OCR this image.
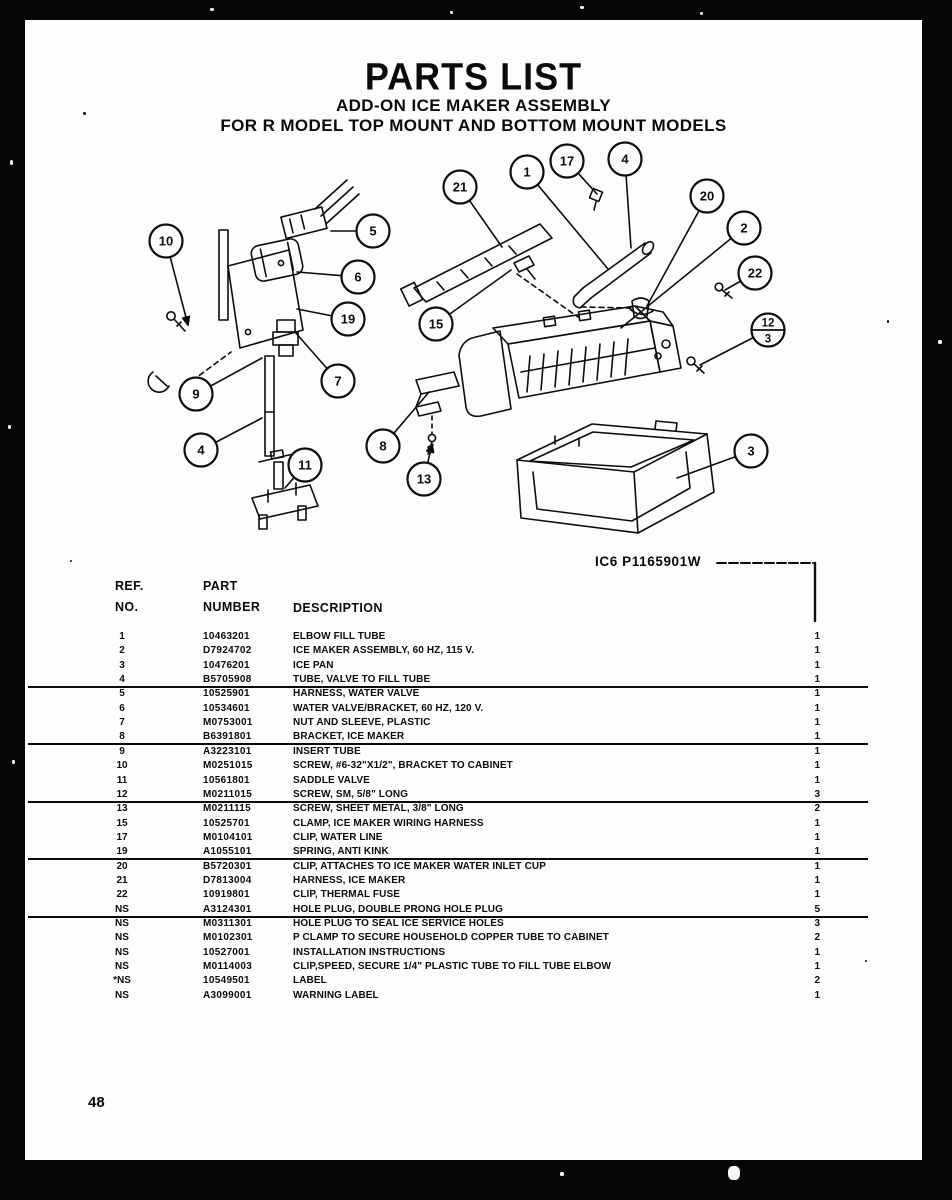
PARTS LIST
ADD-ON ICE MAKER ASSEMBLY
FOR R MODEL TOP MOUNT AND BOTTOM MOUNT MODELS
10
5
6
19
7
9
4
11
8
13
21
15
1
17	4
20
2
22
12
3
3
IC6 P1165901W
REF.
NO.
PART
NUMBER	DESCRIPTION
1	10463201	ELBOW FILL TUBE	1
2	D7924702	ICE MAKER ASSEMBLY, 60 HZ, 115 V.	1
3	10476201	ICE PAN	1
4	B5705908	TUBE, VALVE TO FILL TUBE	1
5	10525901	HARNESS, WATER VALVE	1
6	10534601	WATER VALVE/BRACKET, 60 HZ, 120 V.	1
7	M0753001	NUT AND SLEEVE, PLASTIC	1
8	B6391801	BRACKET, ICE MAKER	1
9	A3223101	INSERT TUBE	1
10	M0251015	SCREW, #6-32"X1/2", BRACKET TO CABINET	1
11	10561801	SADDLE VALVE	1
12	M0211015	SCREW, SM, 5/8" LONG	3
13	M0211115	SCREW, SHEET METAL, 3/8" LONG	2
15	10525701	CLAMP, ICE MAKER WIRING HARNESS	1
17	M0104101	CLIP, WATER LINE	1
19	A1055101	SPRING, ANTI KINK	1
20	B5720301	CLIP, ATTACHES TO ICE MAKER WATER INLET CUP	1
21	D7813004	HARNESS, ICE MAKER	1
22	10919801	CLIP, THERMAL FUSE	1
NS	A3124301	HOLE PLUG, DOUBLE PRONG HOLE PLUG	5
NS	M0311301	HOLE PLUG TO SEAL ICE SERVICE HOLES	3
NS	M0102301	P CLAMP TO SECURE HOUSEHOLD COPPER TUBE TO CABINET	2
NS	10527001	INSTALLATION INSTRUCTIONS	1
NS	M0114003	CLIP,SPEED, SECURE 1/4" PLASTIC TUBE TO FILL TUBE ELBOW	1
*NS	10549501	LABEL	2
NS	A3099001	WARNING LABEL	1
48
